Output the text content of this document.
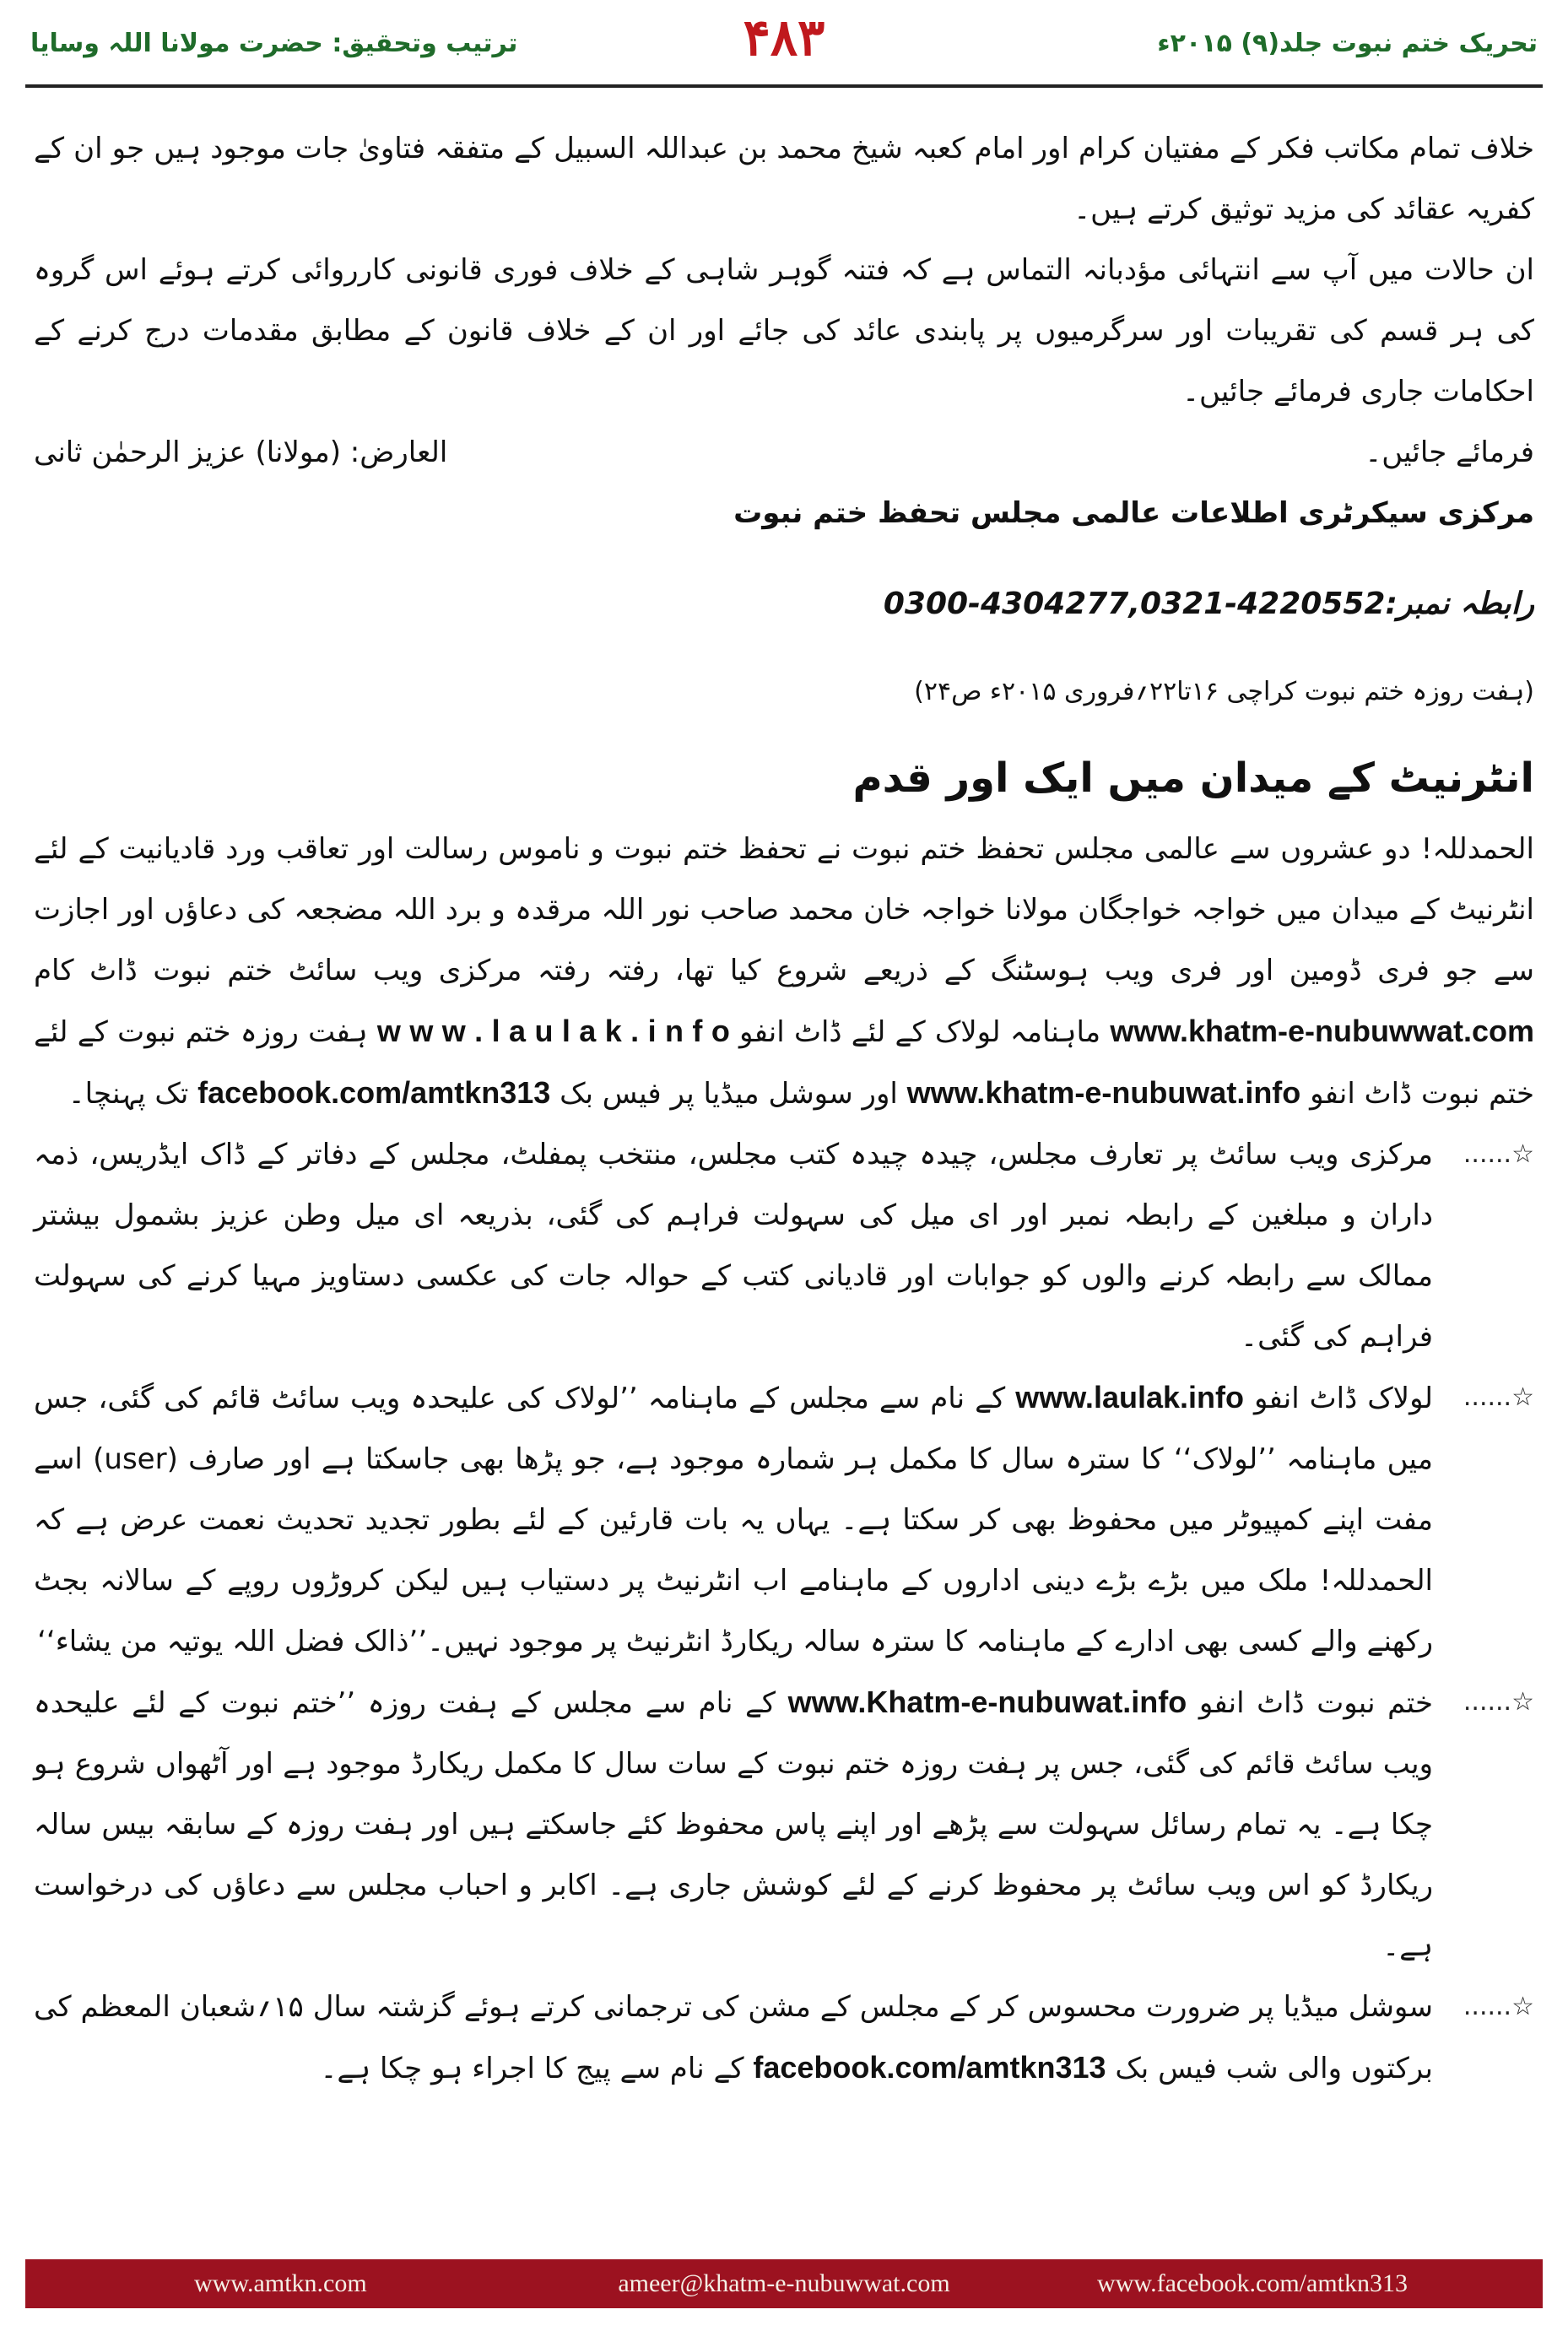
ترتیب وتحقیق: حضرت مولانا اللہ وسایا	۴۸۳	تحریک ختم نبوت جلد(۹) ۲۰۱۵ء

خلاف تمام مکاتب فکر کے مفتیان کرام اور امام کعبہ شیخ محمد بن عبداللہ السبیل کے متفقہ فتاویٰ جات موجود ہیں جو ان کے کفریہ عقائد کی مزید توثیق کرتے ہیں۔

ان حالات میں آپ سے انتہائی مؤدبانہ التماس ہے کہ فتنہ گوہر شاہی کے خلاف فوری قانونی کارروائی کرتے ہوئے اس گروہ کی ہر قسم کی تقریبات اور سرگرمیوں پر پابندی عائد کی جائے اور ان کے خلاف قانون کے مطابق مقدمات درج کرنے کے احکامات جاری فرمائے جائیں۔

فرمائے جائیں۔
العارض: (مولانا) عزیز الرحمٰن ثانی

مرکزی سیکرٹری اطلاعات عالمی مجلس تحفظ ختم نبوت

0300-4304277,0321-4220552:رابطہ نمبر

(ہفت روزہ ختم نبوت کراچی ۱۶تا۲۲؍فروری ۲۰۱۵ء ص۲۴)

انٹرنیٹ کے میدان میں ایک اور قدم

الحمدللہ! دو عشروں سے عالمی مجلس تحفظ ختم نبوت نے تحفظ ختم نبوت و ناموس رسالت اور تعاقب ورد قادیانیت کے لئے انٹرنیٹ کے میدان میں خواجہ خواجگان مولانا خواجہ خان محمد صاحب نور اللہ مرقدہ و برد اللہ مضجعہ کی دعاؤں اور اجازت سے جو فری ڈومین اور فری ویب ہوسٹنگ کے ذریعے شروع کیا تھا، رفتہ رفتہ مرکزی ویب سائٹ ختم نبوت ڈاٹ کام www.khatm-e-nubuwwat.com ماہنامہ لولاک کے لئے ڈاٹ انفو w w w . l a u l a k . i n f o ہفت روزہ ختم نبوت کے لئے ختم نبوت ڈاٹ انفو www.khatm-e-nubuwat.info اور سوشل میڈیا پر فیس بک facebook.com/amtkn313 تک پہنچا۔

☆......
مرکزی ویب سائٹ پر تعارف مجلس، چیدہ چیدہ کتب مجلس، منتخب پمفلٹ، مجلس کے دفاتر کے ڈاک ایڈریس، ذمہ داران و مبلغین کے رابطہ نمبر اور ای میل کی سہولت فراہم کی گئی، بذریعہ ای میل وطن عزیز بشمول بیشتر ممالک سے رابطہ کرنے والوں کو جوابات اور قادیانی کتب کے حوالہ جات کی عکسی دستاویز مہیا کرنے کی سہولت فراہم کی گئی۔
☆......
لولاک ڈاٹ انفو www.laulak.info کے نام سے مجلس کے ماہنامہ ’’لولاک کی علیحدہ ویب سائٹ قائم کی گئی، جس میں ماہنامہ ’’لولاک‘‘ کا سترہ سال کا مکمل ہر شمارہ موجود ہے، جو پڑھا بھی جاسکتا ہے اور صارف (user) اسے مفت اپنے کمپیوٹر میں محفوظ بھی کر سکتا ہے۔ یہاں یہ بات قارئین کے لئے بطور تجدید تحدیث نعمت عرض ہے کہ الحمدللہ! ملک میں بڑے بڑے دینی اداروں کے ماہنامے اب انٹرنیٹ پر دستیاب ہیں لیکن کروڑوں روپے کے سالانہ بجٹ رکھنے والے کسی بھی ادارے کے ماہنامہ کا سترہ سالہ ریکارڈ انٹرنیٹ پر موجود نہیں۔’’ذالک فضل اللہ یوتیہ من یشاء‘‘
☆......
ختم نبوت ڈاٹ انفو www.Khatm-e-nubuwat.info کے نام سے مجلس کے ہفت روزہ ’’ختم نبوت کے لئے علیحدہ ویب سائٹ قائم کی گئی، جس پر ہفت روزہ ختم نبوت کے سات سال کا مکمل ریکارڈ موجود ہے اور آٹھواں شروع ہو چکا ہے۔ یہ تمام رسائل سہولت سے پڑھے اور اپنے پاس محفوظ کئے جاسکتے ہیں اور ہفت روزہ کے سابقہ بیس سالہ ریکارڈ کو اس ویب سائٹ پر محفوظ کرنے کے لئے کوشش جاری ہے۔ اکابر و احباب مجلس سے دعاؤں کی درخواست ہے۔
☆......
سوشل میڈیا پر ضرورت محسوس کر کے مجلس کے مشن کی ترجمانی کرتے ہوئے گزشتہ سال ۱۵؍شعبان المعظم کی برکتوں والی شب فیس بک facebook.com/amtkn313 کے نام سے پیج کا اجراء ہو چکا ہے۔
www.amtkn.com	ameer@khatm-e-nubuwwat.com	www.facebook.com/amtkn313
